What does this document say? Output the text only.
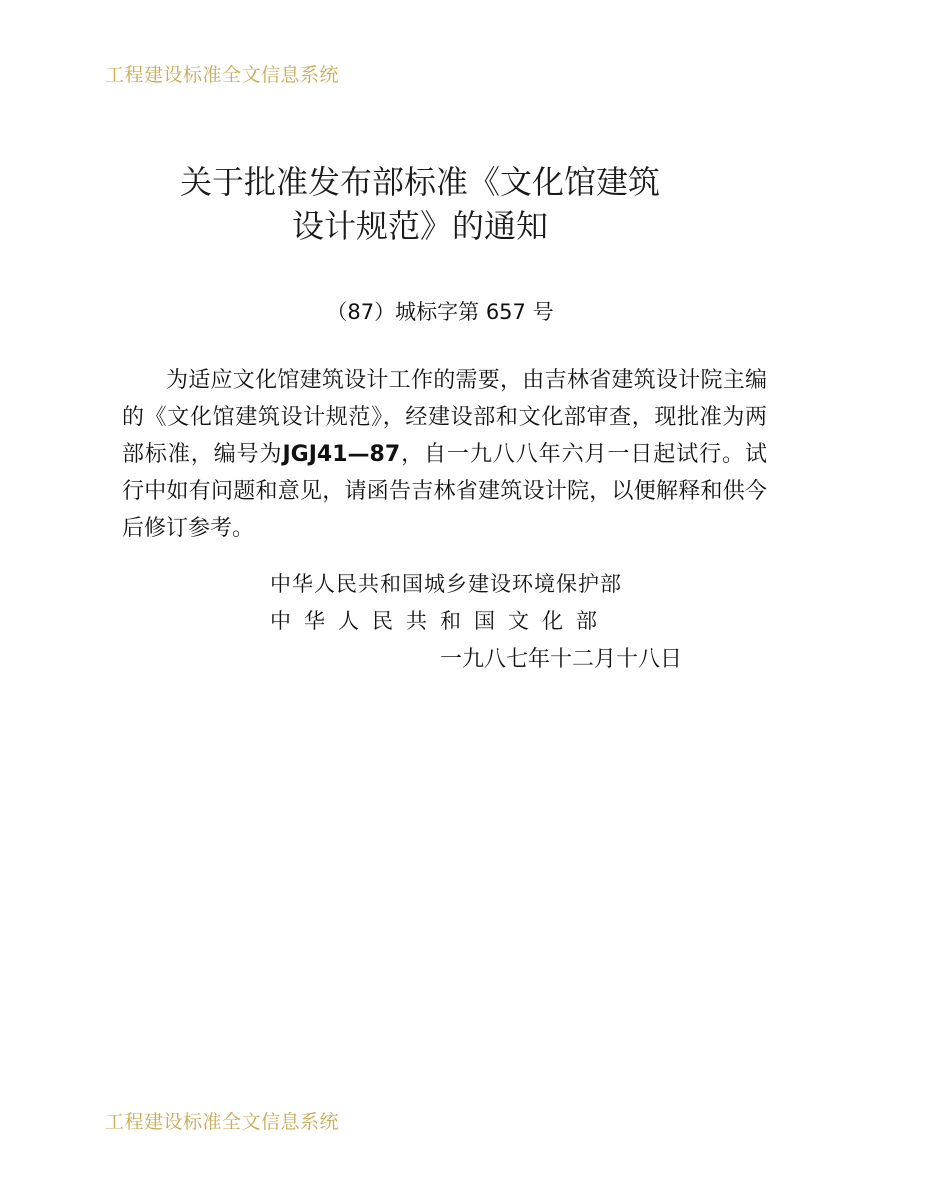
工程建设标准全文信息系统
关于批准发布部标准《文化馆建筑
设计规范》的通知
（87）城标字第 657 号

为适应文化馆建筑设计工作的需要，由吉林省建筑设计院主编的《文化馆建筑设计规范》，经建设部和文化部审查，现批准为两部标准，编号为JGJ41—87，自一九八八年六月一日起试行。试行中如有问题和意见，请函告吉林省建筑设计院，以便解释和供今后修订参考。

中华人民共和国城乡建设环境保护部
中华人民共和国文化部
一九八七年十二月十八日
工程建设标准全文信息系统
